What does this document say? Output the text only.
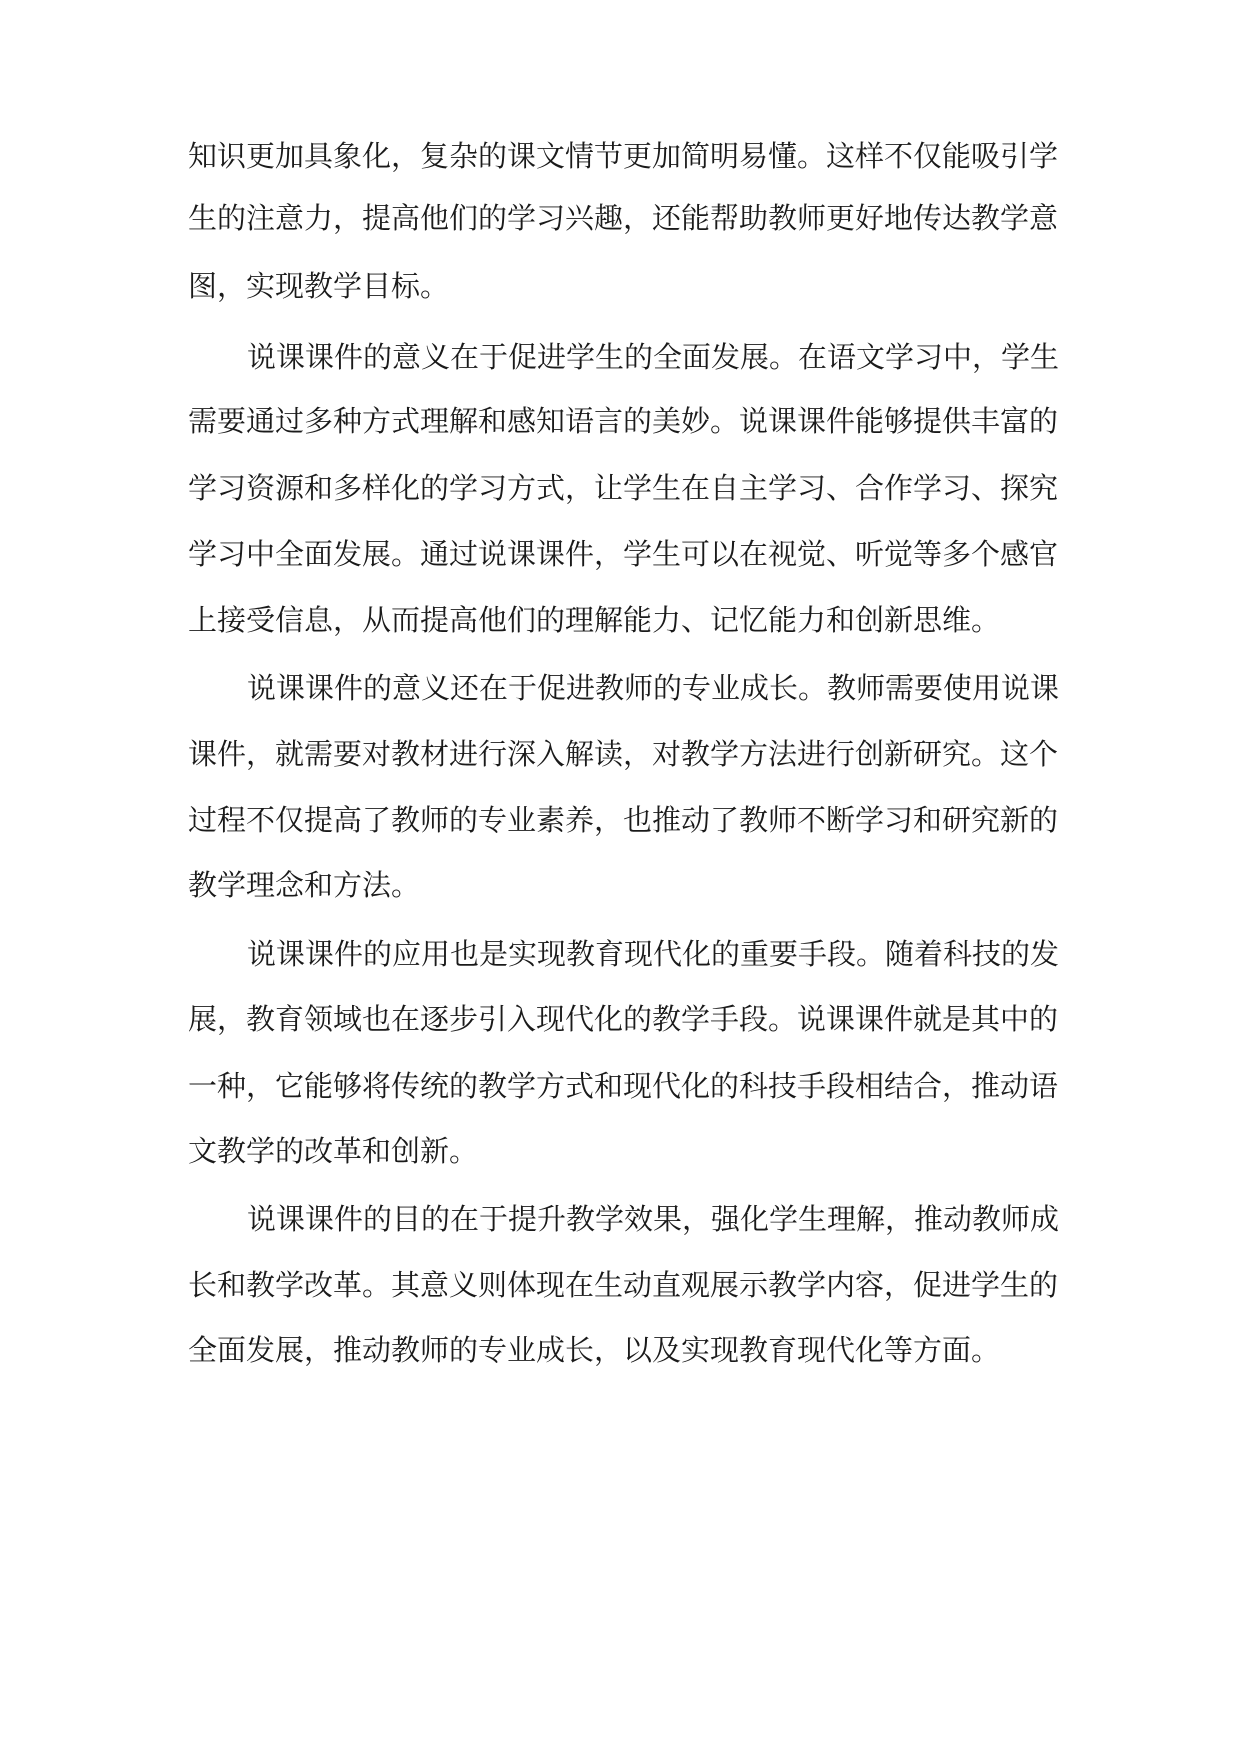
知识更加具象化，复杂的课文情节更加简明易懂。这样不仅能吸引学
生的注意力，提高他们的学习兴趣，还能帮助教师更好地传达教学意
图，实现教学目标。
说课课件的意义在于促进学生的全面发展。在语文学习中，学生
需要通过多种方式理解和感知语言的美妙。说课课件能够提供丰富的
学习资源和多样化的学习方式，让学生在自主学习、合作学习、探究
学习中全面发展。通过说课课件，学生可以在视觉、听觉等多个感官
上接受信息，从而提高他们的理解能力、记忆能力和创新思维。
说课课件的意义还在于促进教师的专业成长。教师需要使用说课
课件，就需要对教材进行深入解读，对教学方法进行创新研究。这个
过程不仅提高了教师的专业素养，也推动了教师不断学习和研究新的
教学理念和方法。
说课课件的应用也是实现教育现代化的重要手段。随着科技的发
展，教育领域也在逐步引入现代化的教学手段。说课课件就是其中的
一种，它能够将传统的教学方式和现代化的科技手段相结合，推动语
文教学的改革和创新。
说课课件的目的在于提升教学效果，强化学生理解，推动教师成
长和教学改革。其意义则体现在生动直观展示教学内容，促进学生的
全面发展，推动教师的专业成长，以及实现教育现代化等方面。
